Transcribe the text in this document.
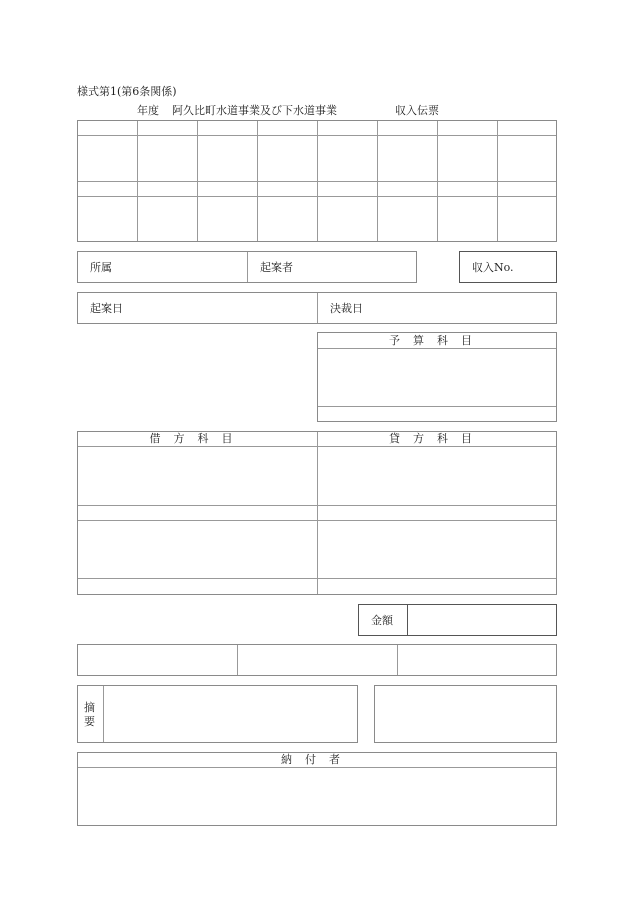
様式第1(第6条関係)
年度 阿久比町水道事業及び下水道事業	収入伝票
所属	起案者	収入No.
起案日	決裁日
予算科目
借方科目	貸方科目
金額
摘要
納付者
